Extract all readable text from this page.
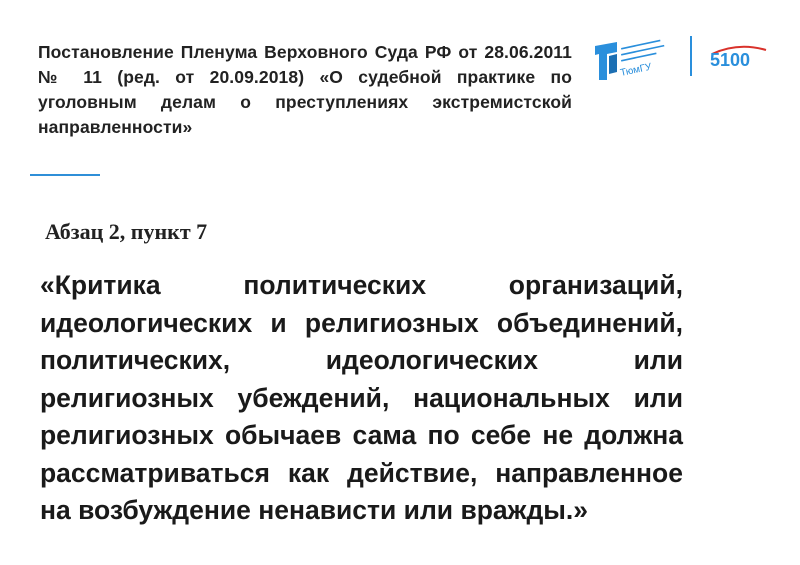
Постановление Пленума Верховного Суда РФ от 28.06.2011 № 11 (ред. от 20.09.2018) «О судебной практике по уголовным делам о преступлениях экстремистской направленности»
ТюмГУ
5100
Абзац 2, пункт 7
«Критика политических организаций, идеологических и религиозных объединений, политических, идеологических или религиозных убеждений, национальных или религиозных обычаев сама по себе не должна рассматриваться как действие, направленное на возбуждение ненависти или вражды.»
